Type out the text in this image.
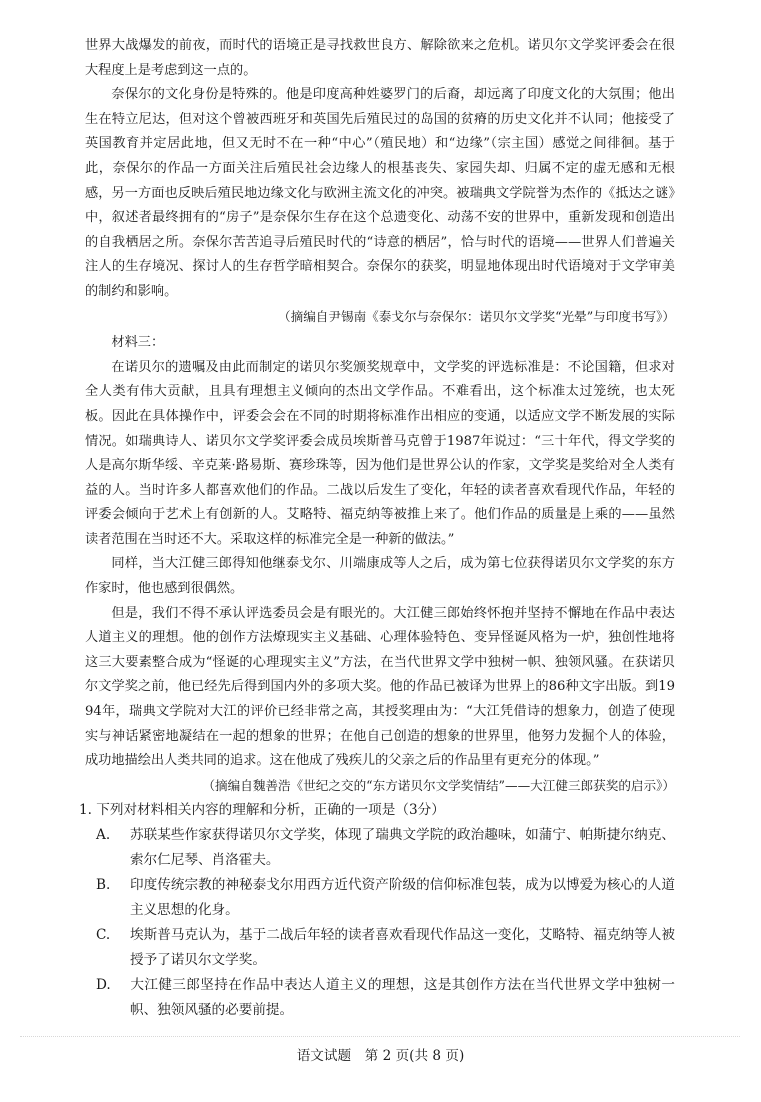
世界大战爆发的前夜，而时代的语境正是寻找救世良方、解除欲来之危机。诺贝尔文学奖评委会在很大程度上是考虑到这一点的。

奈保尔的文化身份是特殊的。他是印度高种姓婆罗门的后裔，却远离了印度文化的大氛围；他出生在特立尼达，但对这个曾被西班牙和英国先后殖民过的岛国的贫瘠的历史文化并不认同；他接受了英国教育并定居此地，但又无时不在一种“中心”（殖民地）和“边缘”（宗主国）感觉之间徘徊。基于此，奈保尔的作品一方面关注后殖民社会边缘人的根基丧失、家园失却、归属不定的虚无感和无根感，另一方面也反映后殖民地边缘文化与欧洲主流文化的冲突。被瑞典文学院誉为杰作的《抵达之谜》中，叙述者最终拥有的“房子”是奈保尔生存在这个总遗变化、动荡不安的世界中，重新发现和创造出的自我栖居之所。奈保尔苦苦追寻后殖民时代的“诗意的栖居”，恰与时代的语境——世界人们普遍关注人的生存境况、探讨人的生存哲学暗相契合。奈保尔的获奖，明显地体现出时代语境对于文学审美的制约和影响。

（摘编自尹锡南《泰戈尔与奈保尔：诺贝尔文学奖“光晕”与印度书写》）

材料三：

在诺贝尔的遗嘱及由此而制定的诺贝尔奖颁奖规章中，文学奖的评选标准是：不论国籍，但求对全人类有伟大贡献，且具有理想主义倾向的杰出文学作品。不难看出，这个标准太过笼统，也太死板。因此在具体操作中，评委会会在不同的时期将标准作出相应的变通，以适应文学不断发展的实际情况。如瑞典诗人、诺贝尔文学奖评委会成员埃斯普马克曾于1987年说过：“三十年代，得文学奖的人是高尔斯华绥、辛克莱·路易斯、赛珍珠等，因为他们是世界公认的作家，文学奖是奖给对全人类有益的人。当时许多人都喜欢他们的作品。二战以后发生了变化，年轻的读者喜欢看现代作品，年轻的评委会倾向于艺术上有创新的人。艾略特、福克纳等被推上来了。他们作品的质量是上乘的——虽然读者范围在当时还不大。采取这样的标准完全是一种新的做法。”

同样，当大江健三郎得知他继泰戈尔、川端康成等人之后，成为第七位获得诺贝尔文学奖的东方作家时，他也感到很偶然。

但是，我们不得不承认评选委员会是有眼光的。大江健三郎始终怀抱并坚持不懈地在作品中表达人道主义的理想。他的创作方法燎现实主义基础、心理体验特色、变异怪诞风格为一炉，独创性地将这三大要素整合成为“怪诞的心理现实主义”方法，在当代世界文学中独树一帜、独领风骚。在获诺贝尔文学奖之前，他已经先后得到国内外的多项大奖。他的作品已被译为世界上的86种文字出版。到1994年，瑞典文学院对大江的评价已经非常之高，其授奖理由为：“大江凭借诗的想象力，创造了使现实与神话紧密地凝结在一起的想象的世界；在他自己创造的想象的世界里，他努力发掘个人的体验，成功地描绘出人类共同的追求。这在他成了残疾儿的父亲之后的作品里有更充分的体现。”

（摘编自魏善浩《世纪之交的“东方诺贝尔文学奖情结”——大江健三郎获奖的启示》）

1. 下列对材料相关内容的理解和分析，正确的一项是（3分）
A. 苏联某些作家获得诺贝尔文学奖，体现了瑞典文学院的政治趣味，如蒲宁、帕斯捷尔纳克、索尔仁尼琴、肖洛霍夫。
B. 印度传统宗教的神秘泰戈尔用西方近代资产阶级的信仰标准包装，成为以博爱为核心的人道主义思想的化身。
C. 埃斯普马克认为，基于二战后年轻的读者喜欢看现代作品这一变化，艾略特、福克纳等人被授予了诺贝尔文学奖。
D. 大江健三郎坚持在作品中表达人道主义的理想，这是其创作方法在当代世界文学中独树一帜、独领风骚的必要前提。
语文试题　第 2 页(共 8 页)
